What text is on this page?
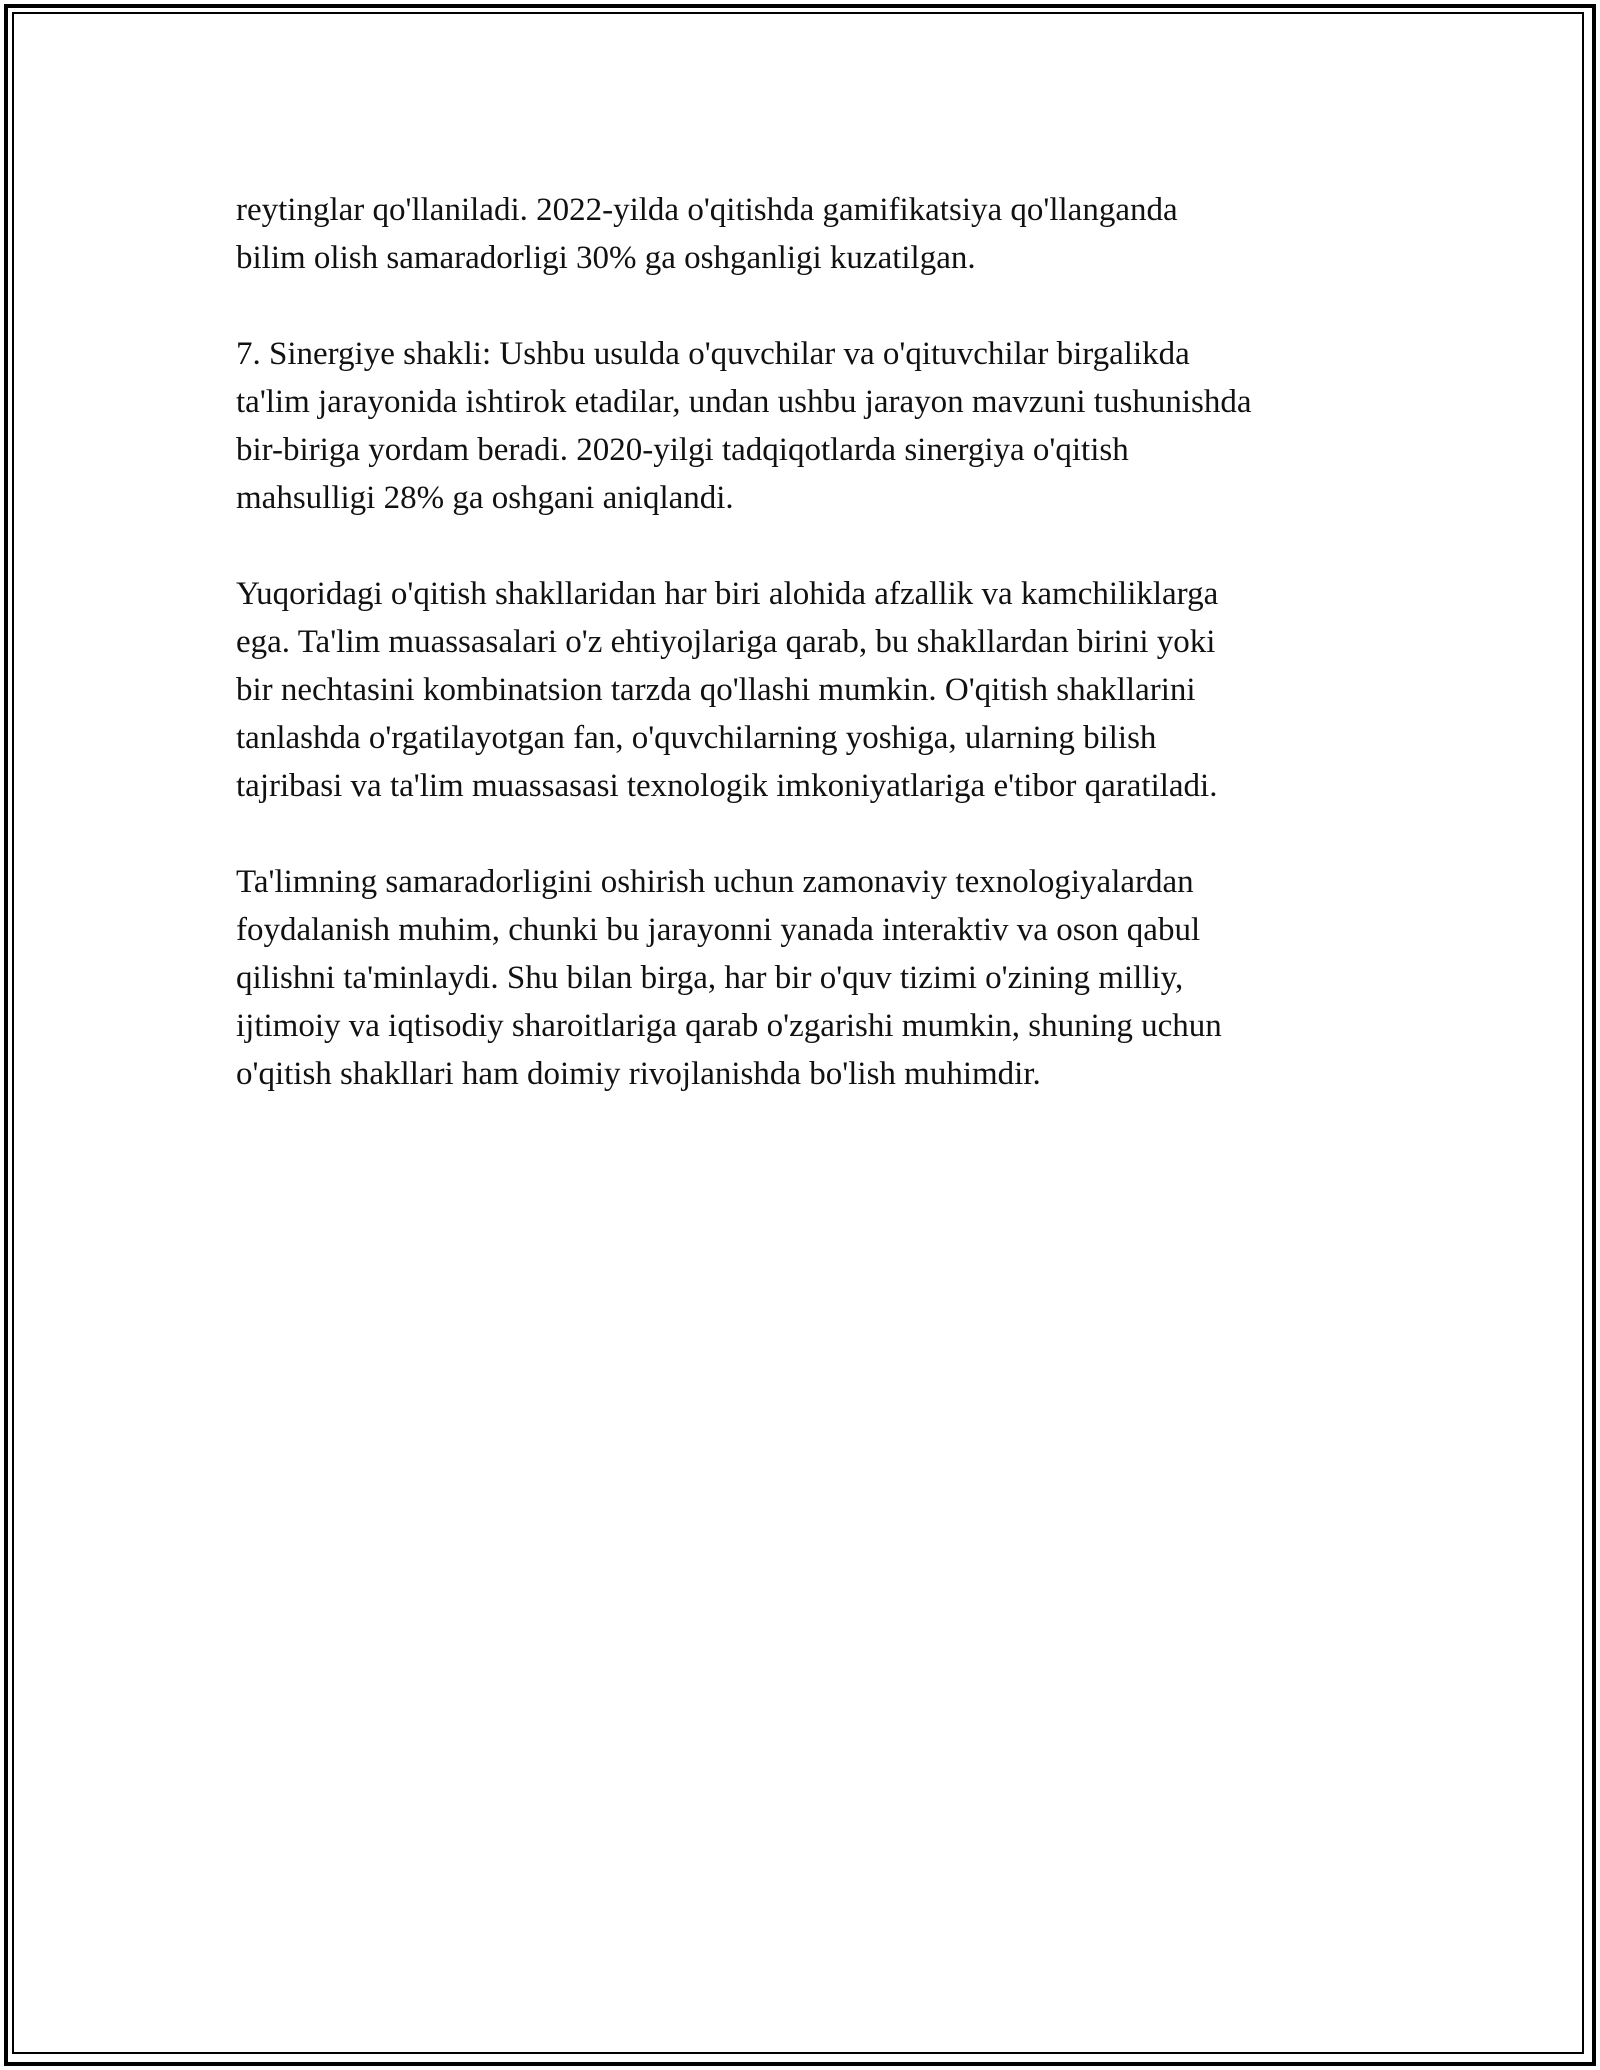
reytinglar qo'llaniladi. 2022-yilda o'qitishda gamifikatsiya qo'llanganda
bilim olish samaradorligi 30% ga oshganligi kuzatilgan.

7. Sinergiye shakli: Ushbu usulda o'quvchilar va o'qituvchilar birgalikda
ta'lim jarayonida ishtirok etadilar, undan ushbu jarayon mavzuni tushunishda
bir-biriga yordam beradi. 2020-yilgi tadqiqotlarda sinergiya o'qitish
mahsulligi 28% ga oshgani aniqlandi.

Yuqoridagi o'qitish shakllaridan har biri alohida afzallik va kamchiliklarga
ega. Ta'lim muassasalari o'z ehtiyojlariga qarab, bu shakllardan birini yoki
bir nechtasini kombinatsion tarzda qo'llashi mumkin. O'qitish shakllarini
tanlashda o'rgatilayotgan fan, o'quvchilarning yoshiga, ularning bilish
tajribasi va ta'lim muassasasi texnologik imkoniyatlariga e'tibor qaratiladi.

Ta'limning samaradorligini oshirish uchun zamonaviy texnologiyalardan
foydalanish muhim, chunki bu jarayonni yanada interaktiv va oson qabul
qilishni ta'minlaydi. Shu bilan birga, har bir o'quv tizimi o'zining milliy,
ijtimoiy va iqtisodiy sharoitlariga qarab o'zgarishi mumkin, shuning uchun
o'qitish shakllari ham doimiy rivojlanishda bo'lish muhimdir.
